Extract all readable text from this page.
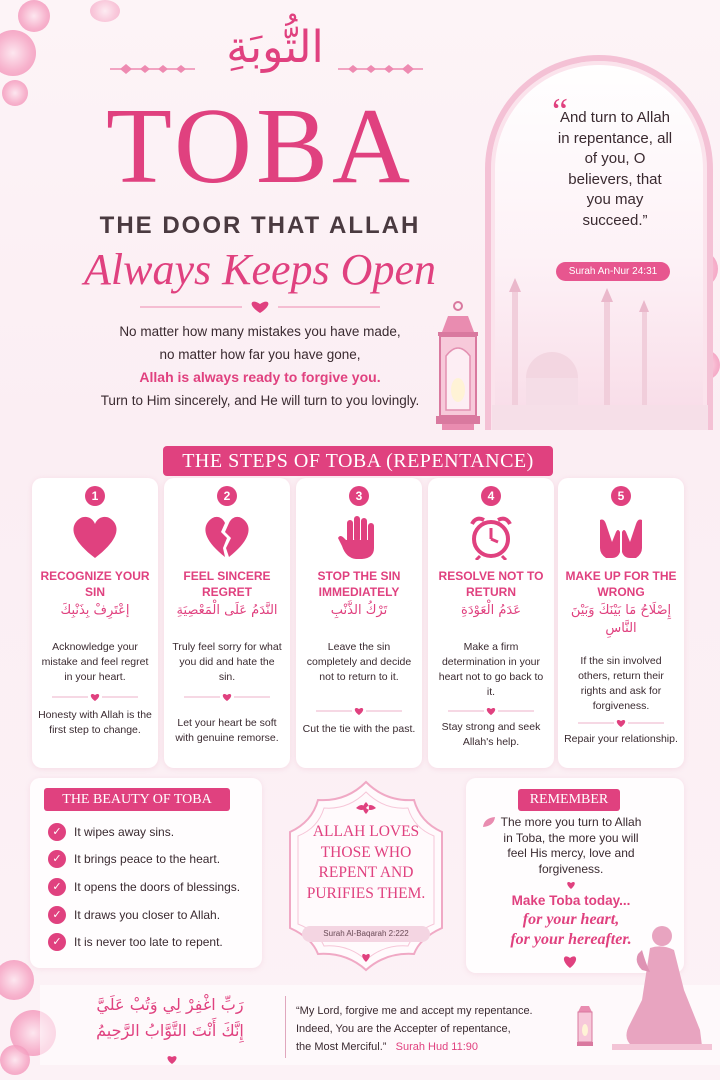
التُّوبَةِ
TOBA
THE DOOR THAT ALLAH
Always Keeps Open
No matter how many mistakes you have made,
no matter how far you have gone,
Allah is always ready to forgive you.
Turn to Him sincerely, and He will turn to you lovingly.
“
And turn to Allah in repentance, all of you, O believers, that you may succeed.”
Surah An-Nur 24:31
THE STEPS OF TOBA (REPENTANCE)
1
RECOGNIZE YOUR SIN
إعْتَرِفْ بِذَنْبِكَ
Acknowledge your mistake and feel regret in your heart.
Honesty with Allah is the first step to change.
2
FEEL SINCERE REGRET
النَّدَمُ عَلَى الْمَعْصِيَةِ
Truly feel sorry for what you did and hate the sin.
Let your heart be soft with genuine remorse.
3
STOP THE SIN IMMEDIATELY
تَرْكُ الذَّنْبِ
Leave the sin completely and decide not to return to it.
Cut the tie with the past.
4
RESOLVE NOT TO RETURN
عَدَمُ الْعَوْدَةِ
Make a firm determination in your heart not to go back to it.
Stay strong and seek Allah's help.
5
MAKE UP FOR THE WRONG
إِصْلَاحُ مَا بَيْنَكَ وَبَيْنَ النَّاسِ
If the sin involved others, return their rights and ask for forgiveness.
Repair your relationship.
THE BEAUTY OF TOBA
✓	It wipes away sins.
✓	It brings peace to the heart.
✓	It opens the doors of blessings.
✓	It draws you closer to Allah.
✓	It is never too late to repent.
ALLAH LOVES THOSE WHO REPENT AND PURIFIES THEM.
Surah Al-Baqarah 2:222
REMEMBER
The more you turn to Allah in Toba, the more you will feel His mercy, love and forgiveness.
Make Toba today...
for your heart,
for your hereafter.
رَبِّ اغْفِرْ لِي وَتُبْ عَلَيَّ
إِنَّكَ أَنْتَ التَّوَّابُ الرَّحِيمُ
“My Lord, forgive me and accept my repentance.
Indeed, You are the Accepter of repentance,
the Most Merciful.” Surah Hud 11:90
